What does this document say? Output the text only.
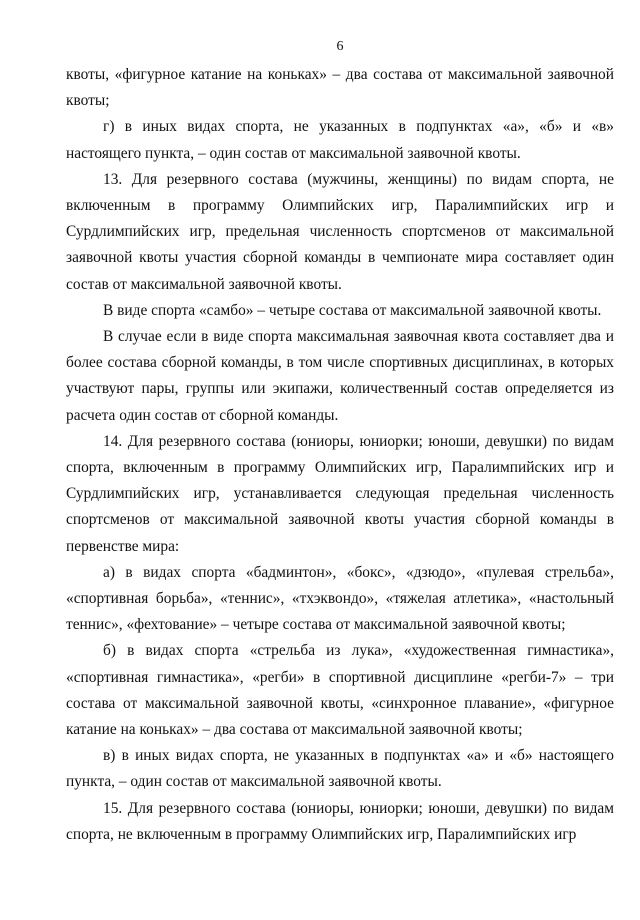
6

квоты, «фигурное катание на коньках» – два состава от максимальной заявочной квоты;

г) в иных видах спорта, не указанных в подпунктах «а», «б» и «в» настоящего пункта, – один состав от максимальной заявочной квоты.

13. Для резервного состава (мужчины, женщины) по видам спорта, не включенным в программу Олимпийских игр, Паралимпийских игр и Сурдлимпийских игр, предельная численность спортсменов от максимальной заявочной квоты участия сборной команды в чемпионате мира составляет один состав от максимальной заявочной квоты.

В виде спорта «самбо» – четыре состава от максимальной заявочной квоты.

В случае если в виде спорта максимальная заявочная квота составляет два и более состава сборной команды, в том числе спортивных дисциплинах, в которых участвуют пары, группы или экипажи, количественный состав определяется из расчета один состав от сборной команды.

14. Для резервного состава (юниоры, юниорки; юноши, девушки) по видам спорта, включенным в программу Олимпийских игр, Паралимпийских игр и Сурдлимпийских игр, устанавливается следующая предельная численность спортсменов от максимальной заявочной квоты участия сборной команды в первенстве мира:

а) в видах спорта «бадминтон», «бокс», «дзюдо», «пулевая стрельба», «спортивная борьба», «теннис», «тхэквондо», «тяжелая атлетика», «настольный теннис», «фехтование» – четыре состава от максимальной заявочной квоты;

б) в видах спорта «стрельба из лука», «художественная гимнастика», «спортивная гимнастика», «регби» в спортивной дисциплине «регби-7» – три состава от максимальной заявочной квоты, «синхронное плавание», «фигурное катание на коньках» – два состава от максимальной заявочной квоты;

в) в иных видах спорта, не указанных в подпунктах «а» и «б» настоящего пункта, – один состав от максимальной заявочной квоты.

15. Для резервного состава (юниоры, юниорки; юноши, девушки) по видам спорта, не включенным в программу Олимпийских игр, Паралимпийских игр
